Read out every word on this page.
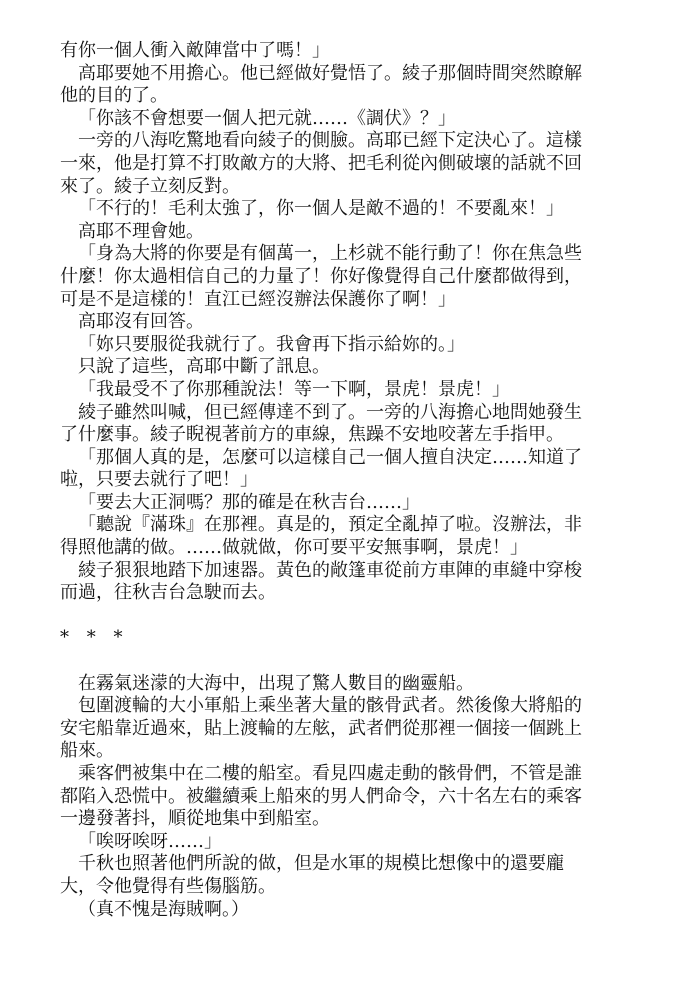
有你一個人衝入敵陣當中了嗎！」
高耶要她不用擔心。他已經做好覺悟了。綾子那個時間突然瞭解
他的目的了。
「你該不會想要一個人把元就……《調伏》？」
一旁的八海吃驚地看向綾子的側臉。高耶已經下定決心了。這樣
一來，他是打算不打敗敵方的大將、把毛利從內側破壞的話就不回
來了。綾子立刻反對。
「不行的！毛利太強了，你一個人是敵不過的！不要亂來！」
高耶不理會她。
「身為大將的你要是有個萬一，上杉就不能行動了！你在焦急些
什麼！你太過相信自己的力量了！你好像覺得自己什麼都做得到，
可是不是這樣的！直江已經沒辦法保護你了啊！」
高耶沒有回答。
「妳只要服從我就行了。我會再下指示給妳的。」
只說了這些，高耶中斷了訊息。
「我最受不了你那種說法！等一下啊，景虎！景虎！」
綾子雖然叫喊，但已經傳達不到了。一旁的八海擔心地問她發生
了什麼事。綾子睨視著前方的車線，焦躁不安地咬著左手指甲。
「那個人真的是，怎麼可以這樣自己一個人擅自決定……知道了
啦，只要去就行了吧！」
「要去大正洞嗎？那的確是在秋吉台……」
「聽說『滿珠』在那裡。真是的，預定全亂掉了啦。沒辦法，非
得照他講的做。……做就做，你可要平安無事啊，景虎！」
綾子狠狠地踏下加速器。黃色的敞篷車從前方車陣的車縫中穿梭
而過，往秋吉台急駛而去。
* * *
在霧氣迷濛的大海中，出現了驚人數目的幽靈船。
包圍渡輪的大小軍船上乘坐著大量的骸骨武者。然後像大將船的
安宅船靠近過來，貼上渡輪的左舷，武者們從那裡一個接一個跳上
船來。
乘客們被集中在二樓的船室。看見四處走動的骸骨們，不管是誰
都陷入恐慌中。被繼續乘上船來的男人們命令，六十名左右的乘客
一邊發著抖，順從地集中到船室。
「唉呀唉呀……」
千秋也照著他們所說的做，但是水軍的規模比想像中的還要龐
大，令他覺得有些傷腦筋。
（真不愧是海賊啊。）
